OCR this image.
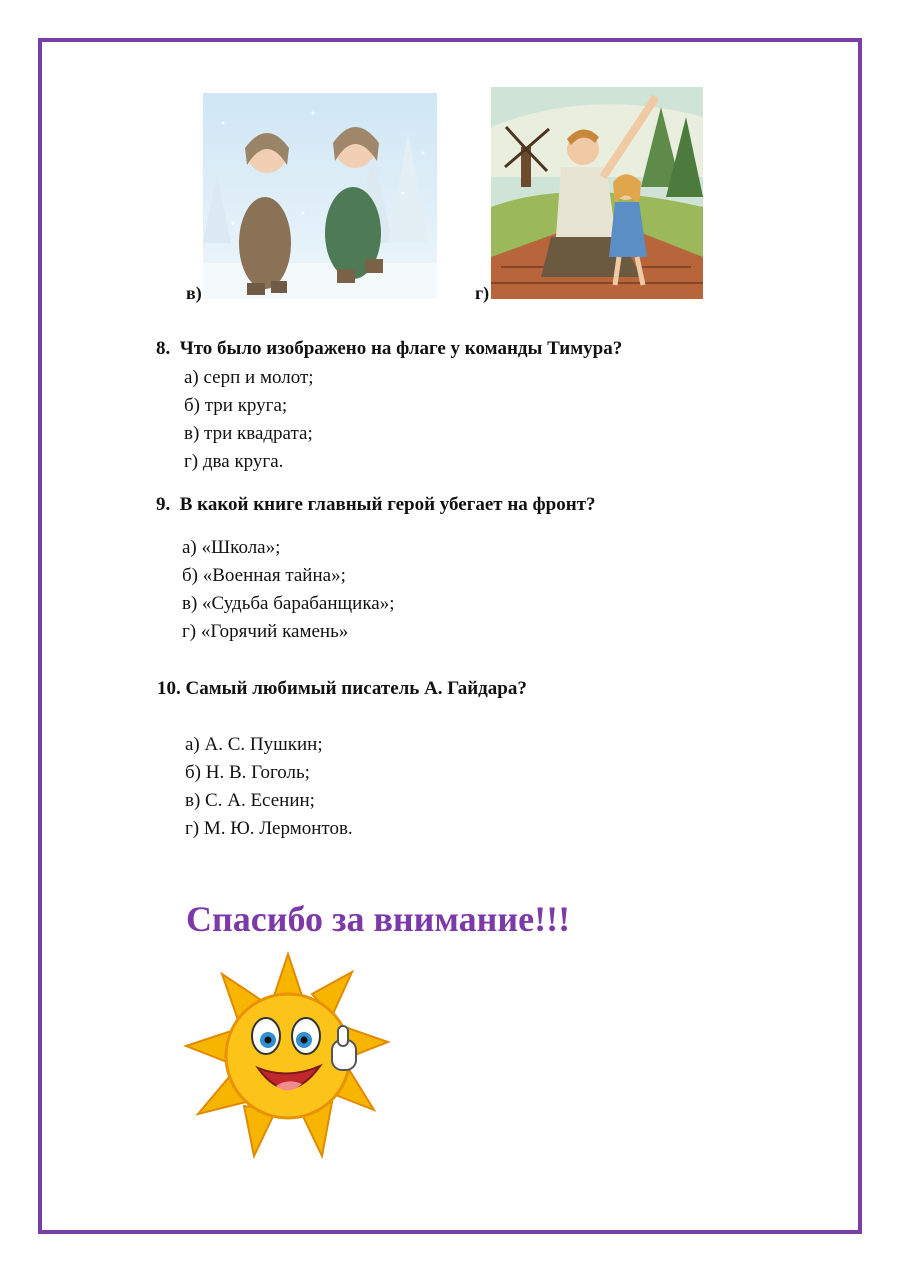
в)	г)
8. Что было изображено на флаге у команды Тимура?
а) серп и молот;
б) три круга;
в) три квадрата;
г) два круга.
9. В какой книге главный герой убегает на фронт?
а) «Школа»;
б) «Военная тайна»;
в) «Судьба барабанщика»;
г) «Горячий камень»
10. Самый любимый писатель А. Гайдара?
а) А. С. Пушкин;
б) Н. В. Гоголь;
в) С. А. Есенин;
г) М. Ю. Лермонтов.
Спасибо за внимание!!!
